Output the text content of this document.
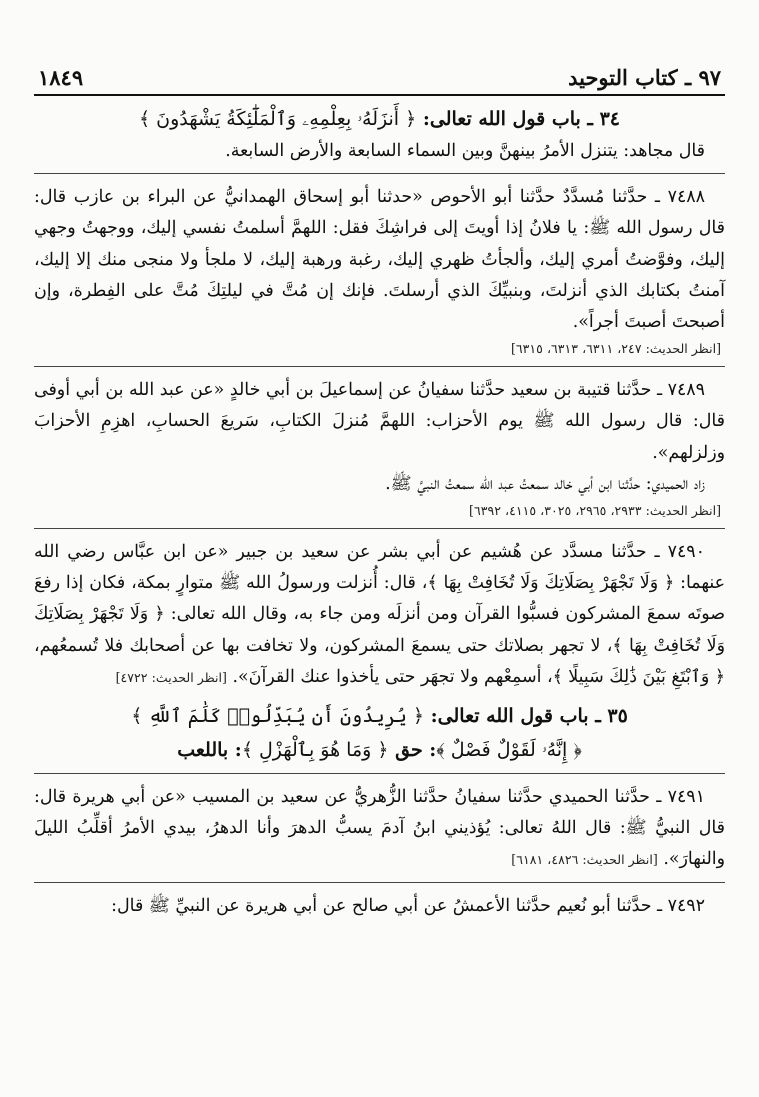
٩٧ ـ كتاب التوحيد
١٨٤٩
٣٤ ـ باب قول الله تعالى: ﴿ أَنزَلَهُۥ بِعِلْمِهِۦ وَٱلْمَلَٰٓئِكَةُ يَشْهَدُونَ ﴾

قال مجاهد: يتنزل الأمرُ بينهنَّ وبين السماء السابعة والأرض السابعة.

٧٤٨٨ ـ حدَّثنا مُسدَّدٌ حدَّثنا أبو الأحوص «حدثنا أبو إسحاق الهمدانيُّ عن البراء بن عازب قال: قال رسول الله ﷺ: يا فلانُ إذا أويتَ إلى فراشِكَ فقل: اللهمَّ أسلمتُ نفسي إليك، ووجهتُ وجهي إليك، وفوَّضتُ أمري إليك، وألجأتُ ظهري إليك، رغبة ورهبة إليك، لا ملجأ ولا منجى منك إلا إليك، آمنتُ بكتابك الذي أنزلتَ، وبنبيِّكَ الذي أرسلتَ. فإنك إن مُتَّ في ليلتِكَ مُتَّ على الفِطرة، وإن أصبحتَ أصبتَ أجراً».

[انظر الحديث: ٢٤٧، ٦٣١١، ٦٣١٣، ٦٣١٥]

٧٤٨٩ ـ حدَّثنا قتيبة بن سعيد حدَّثنا سفيانُ عن إسماعيلَ بن أبي خالدٍ «عن عبد الله بن أبي أوفى قال: قال رسول الله ﷺ يوم الأحزاب: اللهمَّ مُنزلَ الكتابِ، سَريعَ الحسابِ، اهزِمِ الأحزابَ وزلزلهم».

زاد الحميدي: حدَّثنا ابن أبي خالد سمعتُ عبد الله سمعتُ النبيَّ ﷺ.

[انظر الحديث: ٢٩٣٣، ٢٩٦٥، ٣٠٢٥، ٤١١٥، ٦٣٩٢]

٧٤٩٠ ـ حدَّثنا مسدَّد عن هُشيم عن أبي بشر عن سعيد بن جبير «عن ابن عبَّاس رضي الله عنهما: ﴿ وَلَا تَجْهَرْ بِصَلَاتِكَ وَلَا تُخَافِتْ بِهَا ﴾، قال: أُنزلت ورسولُ الله ﷺ متوارٍ بمكة، فكان إذا رفعَ صوتَه سمعَ المشركون فسبُّوا القرآن ومن أنزلَه ومن جاء به، وقال الله تعالى: ﴿ وَلَا تَجْهَرْ بِصَلَاتِكَ وَلَا تُخَافِتْ بِهَا ﴾، لا تجهر بصلاتك حتى يسمعَ المشركون، ولا تخافت بها عن أصحابك فلا تُسمعُهم، ﴿ وَٱبْتَغِ بَيْنَ ذَٰلِكَ سَبِيلًا ﴾، أسمِعْهم ولا تجهَر حتى يأخذوا عنك القرآنَ». [انظر الحديث: ٤٧٢٢]

٣٥ ـ باب قول الله تعالى: ﴿ يُرِيدُونَ أَن يُبَدِّلُوا۟ كَلَٰمَ ٱللَّهِ ﴾
﴿ إِنَّهُۥ لَقَوْلٌ فَصْلٌ ﴾: حق ﴿ وَمَا هُوَ بِٱلْهَزْلِ ﴾: باللعب

٧٤٩١ ـ حدَّثنا الحميدي حدَّثنا سفيانُ حدَّثنا الزُّهريُّ عن سعيد بن المسيب «عن أبي هريرة قال: قال النبيُّ ﷺ: قال اللهُ تعالى: يُؤذيني ابنُ آدمَ يسبُّ الدهرَ وأنا الدهرُ، بيدي الأمرُ أقلِّبُ الليلَ والنهارَ». [انظر الحديث: ٤٨٢٦، ٦١٨١]

٧٤٩٢ ـ حدَّثنا أبو نُعيم حدَّثنا الأعمشُ عن أبي صالح عن أبي هريرة عن النبيِّ ﷺ قال:
